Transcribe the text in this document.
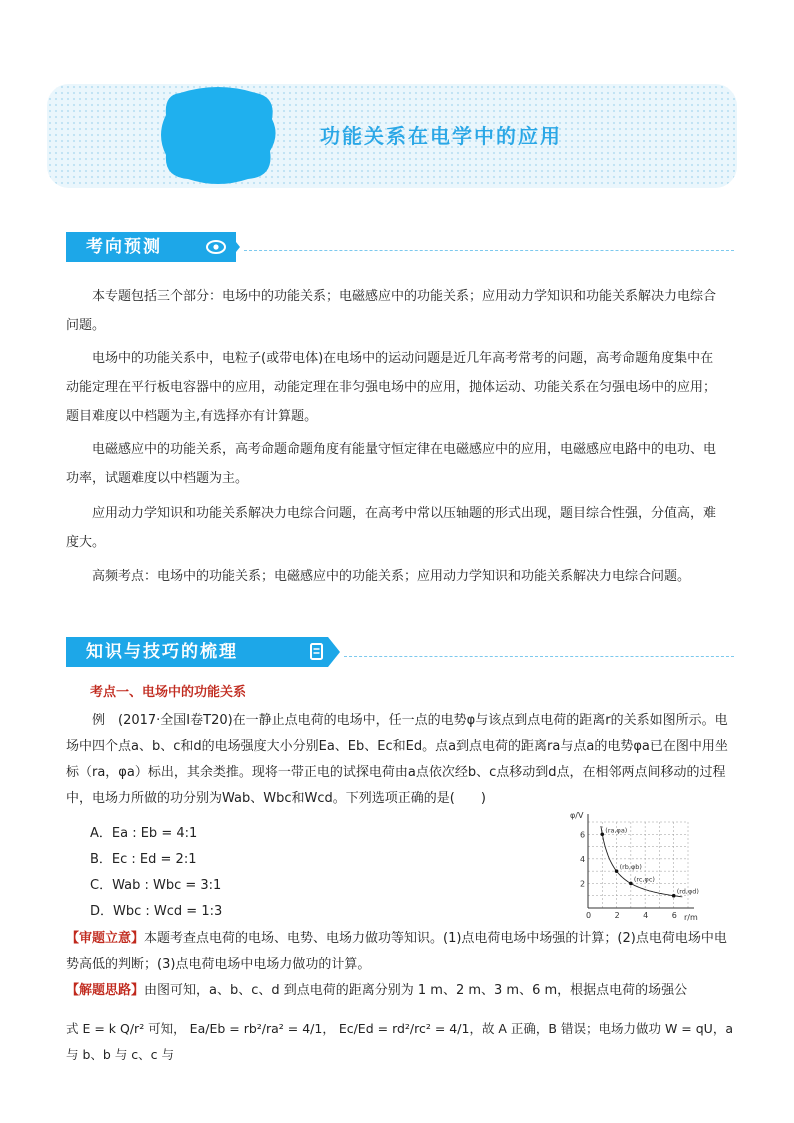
功能关系在电学中的应用
考向预测

本专题包括三个部分：电场中的功能关系；电磁感应中的功能关系；应用动力学知识和功能关系解决力电综合问题。

电场中的功能关系中，电粒子(或带电体)在电场中的运动问题是近几年高考常考的问题，高考命题角度集中在动能定理在平行板电容器中的应用，动能定理在非匀强电场中的应用，抛体运动、功能关系在匀强电场中的应用；题目难度以中档题为主,有选择亦有计算题。

电磁感应中的功能关系，高考命题命题角度有能量守恒定律在电磁感应中的应用，电磁感应电路中的电功、电功率，试题难度以中档题为主。

应用动力学知识和功能关系解决力电综合问题，在高考中常以压轴题的形式出现，题目综合性强，分值高，难度大。

高频考点：电场中的功能关系；电磁感应中的功能关系；应用动力学知识和功能关系解决力电综合问题。

知识与技巧的梳理
考点一、电场中的功能关系

例　(2017·全国Ⅰ卷T20)在一静止点电荷的电场中，任一点的电势φ与该点到点电荷的距离r的关系如图所示。电场中四个点a、b、c和d的电场强度大小分别Ea、Eb、Ec和Ed。点a到点电荷的距离ra与点a的电势φa已在图中用坐标（ra，φa）标出，其余类推。现将一带正电的试探电荷由a点依次经b、c点移动到d点，在相邻两点间移动的过程中，电场力所做的功分别为Wab、Wbc和Wcd。下列选项正确的是(　　)

A．Ea : Eb = 4:1
B．Ec : Ed = 2:1
C．Wab : Wbc = 3:1
D．Wbc : Wcd = 1:3
φ/V
r/m
0	2	4	6
2
4
6	(ra,φa)
(rb,φb)
(rc,φc)
(rd,φd)

【审题立意】本题考查点电荷的电场、电势、电场力做功等知识。(1)点电荷电场中场强的计算；(2)点电荷电场中电势高低的判断；(3)点电荷电场中电场力做功的计算。

【解题思路】由图可知，a、b、c、d 到点电荷的距离分别为 1 m、2 m、3 m、6 m，根据点电荷的场强公

式 E = k Q/r² 可知， Ea/Eb = rb²/ra² = 4/1， Ec/Ed = rd²/rc² = 4/1，故 A 正确，B 错误；电场力做功 W = qU，a 与 b、b 与 c、c 与
